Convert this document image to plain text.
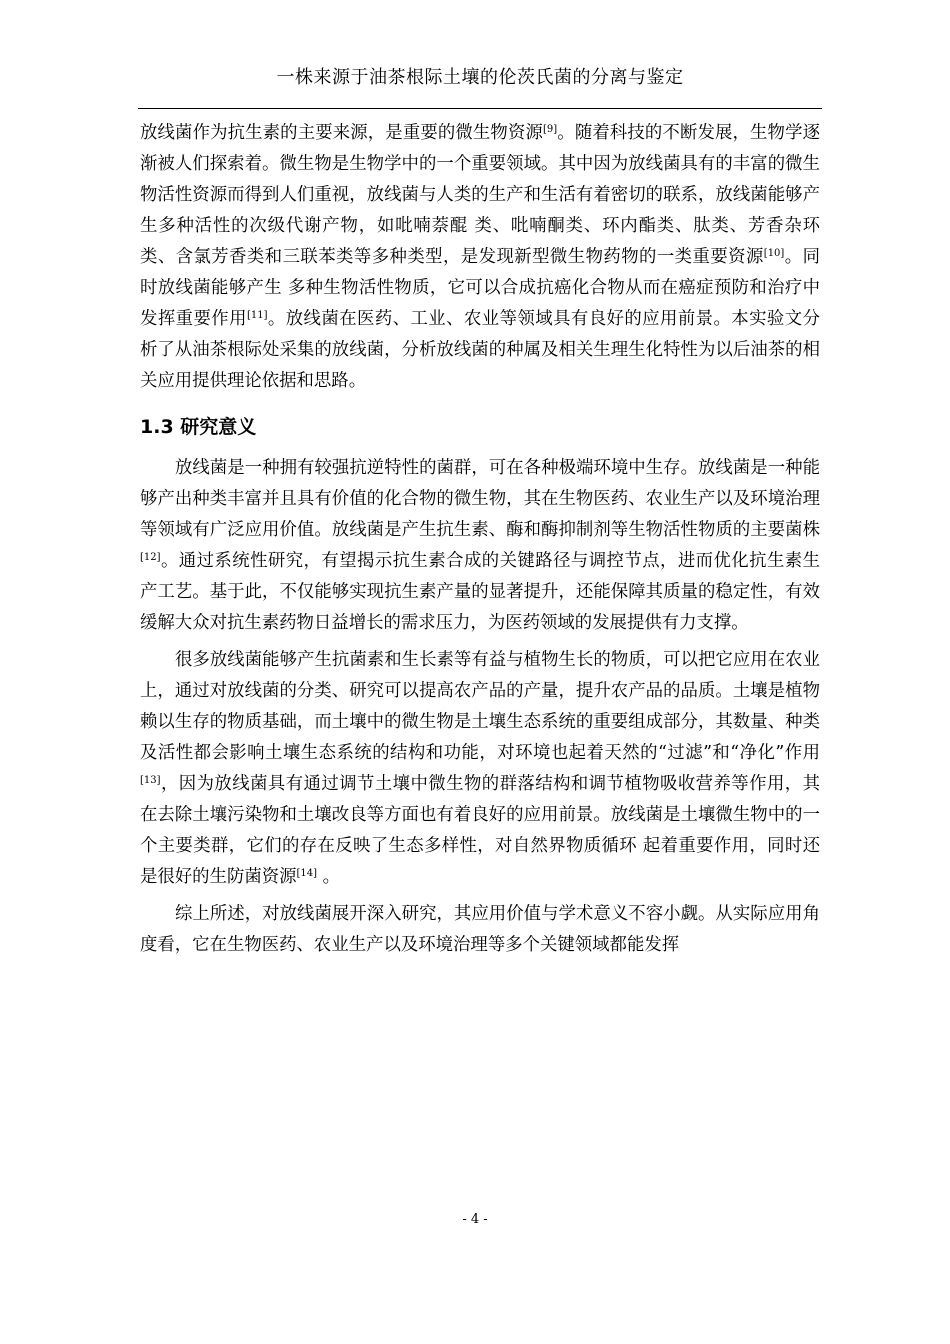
一株来源于油茶根际土壤的伦茨氏菌的分离与鉴定

放线菌作为抗生素的主要来源，是重要的微生物资源[9]。随着科技的不断发展，生物学逐渐被人们探索着。微生物是生物学中的一个重要领域。其中因为放线菌具有的丰富的微生物活性资源而得到人们重视，放线菌与人类的生产和生活有着密切的联系，放线菌能够产生多种活性的次级代谢产物，如吡喃萘醌 类、吡喃酮类、环内酯类、肽类、芳香杂环类、含氯芳香类和三联苯类等多种类型，是发现新型微生物药物的一类重要资源[10]。同时放线菌能够产生 多种生物活性物质，它可以合成抗癌化合物从而在癌症预防和治疗中发挥重要作用[11]。放线菌在医药、工业、农业等领域具有良好的应用前景。本实验文分析了从油茶根际处采集的放线菌，分析放线菌的种属及相关生理生化特性为以后油茶的相关应用提供理论依据和思路。

1.3 研究意义

放线菌是一种拥有较强抗逆特性的菌群，可在各种极端环境中生存。放线菌是一种能够产出种类丰富并且具有价值的化合物的微生物，其在生物医药、农业生产以及环境治理等领域有广泛应用价值。放线菌是产生抗生素、酶和酶抑制剂等生物活性物质的主要菌株[12]。通过系统性研究，有望揭示抗生素合成的关键路径与调控节点，进而优化抗生素生产工艺。基于此，不仅能够实现抗生素产量的显著提升，还能保障其质量的稳定性，有效缓解大众对抗生素药物日益增长的需求压力，为医药领域的发展提供有力支撑。

很多放线菌能够产生抗菌素和生长素等有益与植物生长的物质，可以把它应用在农业上，通过对放线菌的分类、研究可以提高农产品的产量，提升农产品的品质。土壤是植物赖以生存的物质基础，而土壤中的微生物是土壤生态系统的重要组成部分，其数量、种类及活性都会影响土壤生态系统的结构和功能，对环境也起着天然的“过滤”和“净化”作用[13]，因为放线菌具有通过调节土壤中微生物的群落结构和调节植物吸收营养等作用，其在去除土壤污染物和土壤改良等方面也有着良好的应用前景。放线菌是土壤微生物中的一个主要类群，它们的存在反映了生态多样性，对自然界物质循环 起着重要作用，同时还是很好的生防菌资源[14] 。

综上所述，对放线菌展开深入研究，其应用价值与学术意义不容小觑。从实际应用角度看，它在生物医药、农业生产以及环境治理等多个关键领域都能发挥

- 4 -
